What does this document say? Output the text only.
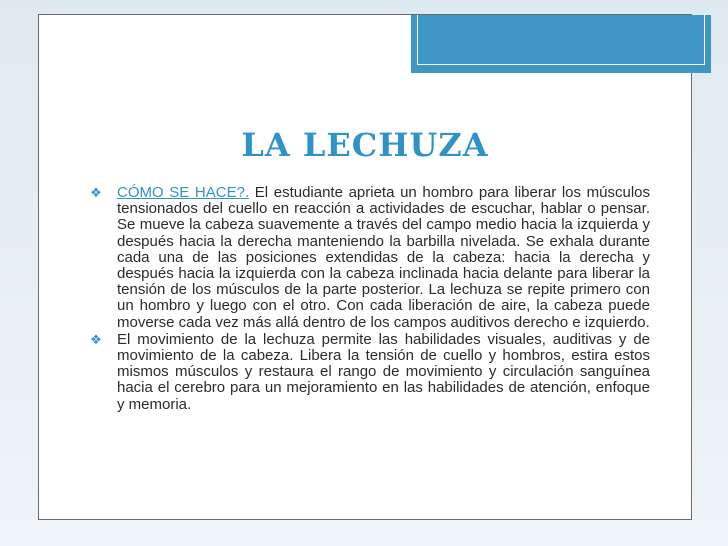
LA LECHUZA
❖ CÓMO SE HACE?. El estudiante aprieta un hombro para liberar los músculos tensionados del cuello en reacción a actividades de escuchar, hablar o pensar. Se mueve la cabeza suavemente a través del campo medio hacia la izquierda y después hacia la derecha manteniendo la barbilla nivelada. Se exhala durante cada una de las posiciones extendidas de la cabeza: hacia la derecha y después hacia la izquierda con la cabeza inclinada hacia delante para liberar la tensión de los músculos de la parte posterior. La lechuza se repite primero con un hombro y luego con el otro. Con cada liberación de aire, la cabeza puede moverse cada vez más allá dentro de los campos auditivos derecho e izquierdo.
❖ El movimiento de la lechuza permite las habilidades visuales, auditivas y de movimiento de la cabeza. Libera la tensión de cuello y hombros, estira estos mismos músculos y restaura el rango de movimiento y circulación sanguínea hacia el cerebro para un mejoramiento en las habilidades de atención, enfoque y memoria.
